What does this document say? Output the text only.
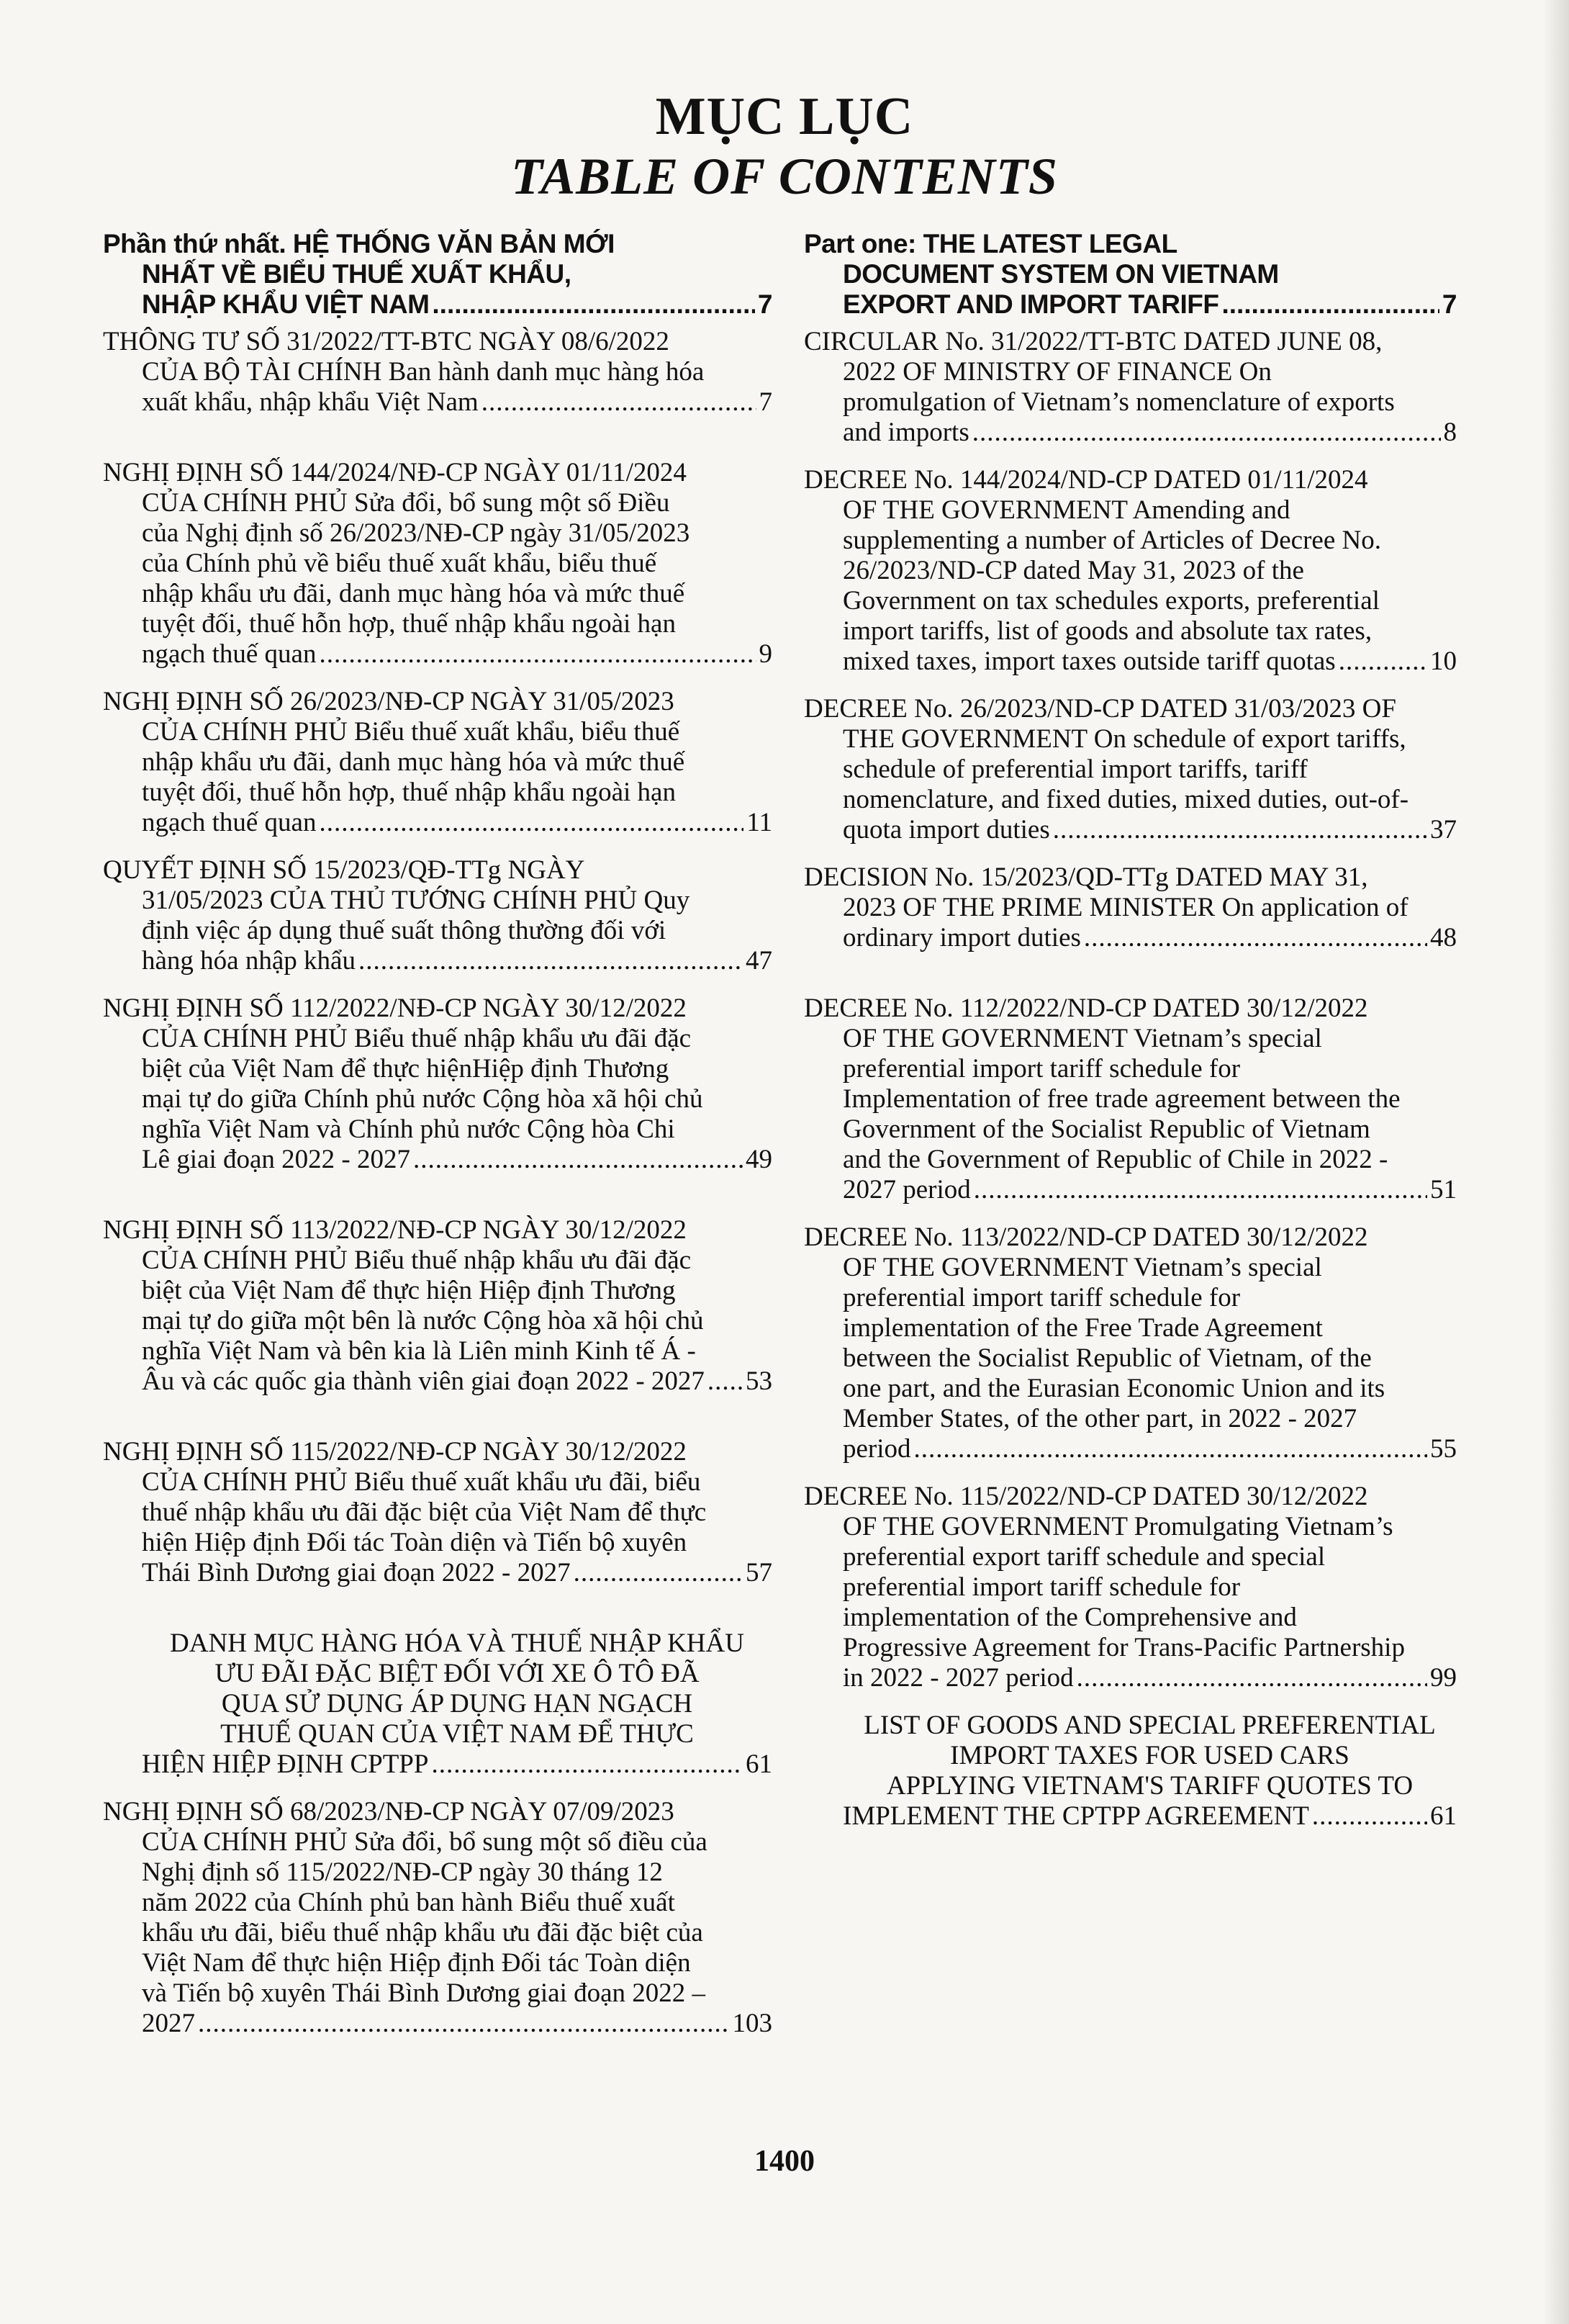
MỤC LỤC
TABLE OF CONTENTS
Phần thứ nhất. HỆ THỐNG VĂN BẢN MỚI
NHẤT VỀ BIỂU THUẾ XUẤT KHẨU,
NHẬP KHẨU VIỆT NAM .....	7
THÔNG TƯ SỐ 31/2022/TT-BTC NGÀY 08/6/2022
CỦA BỘ TÀI CHÍNH Ban hành danh mục hàng hóa
xuất khẩu, nhập khẩu Việt Nam .....	7
NGHỊ ĐỊNH SỐ 144/2024/NĐ-CP NGÀY 01/11/2024
CỦA CHÍNH PHỦ Sửa đổi, bổ sung một số Điều
của Nghị định số 26/2023/NĐ-CP ngày 31/05/2023
của Chính phủ về biểu thuế xuất khẩu, biểu thuế
nhập khẩu ưu đãi, danh mục hàng hóa và mức thuế
tuyệt đối, thuế hỗn hợp, thuế nhập khẩu ngoài hạn
ngạch thuế quan .....	9
NGHỊ ĐỊNH SỐ 26/2023/NĐ-CP NGÀY 31/05/2023
CỦA CHÍNH PHỦ Biểu thuế xuất khẩu, biểu thuế
nhập khẩu ưu đãi, danh mục hàng hóa và mức thuế
tuyệt đối, thuế hỗn hợp, thuế nhập khẩu ngoài hạn
ngạch thuế quan .....	11
QUYẾT ĐỊNH SỐ 15/2023/QĐ-TTg NGÀY
31/05/2023 CỦA THỦ TƯỚNG CHÍNH PHỦ Quy
định việc áp dụng thuế suất thông thường đối với
hàng hóa nhập khẩu .....	47
NGHỊ ĐỊNH SỐ 112/2022/NĐ-CP NGÀY 30/12/2022
CỦA CHÍNH PHỦ Biểu thuế nhập khẩu ưu đãi đặc
biệt của Việt Nam để thực hiệnHiệp định Thương
mại tự do giữa Chính phủ nước Cộng hòa xã hội chủ
nghĩa Việt Nam và Chính phủ nước Cộng hòa Chi
Lê giai đoạn 2022 - 2027 .....	49
NGHỊ ĐỊNH SỐ 113/2022/NĐ-CP NGÀY 30/12/2022
CỦA CHÍNH PHỦ Biểu thuế nhập khẩu ưu đãi đặc
biệt của Việt Nam để thực hiện Hiệp định Thương
mại tự do giữa một bên là nước Cộng hòa xã hội chủ
nghĩa Việt Nam và bên kia là Liên minh Kinh tế Á -
Âu và các quốc gia thành viên giai đoạn 2022 - 2027 ..... 53
NGHỊ ĐỊNH SỐ 115/2022/NĐ-CP NGÀY 30/12/2022
CỦA CHÍNH PHỦ Biểu thuế xuất khẩu ưu đãi, biểu
thuế nhập khẩu ưu đãi đặc biệt của Việt Nam để thực
hiện Hiệp định Đối tác Toàn diện và Tiến bộ xuyên
Thái Bình Dương giai đoạn 2022 - 2027 .....	57
DANH MỤC HÀNG HÓA VÀ THUẾ NHẬP KHẨU
ƯU ĐÃI ĐẶC BIỆT ĐỐI VỚI XE Ô TÔ ĐÃ
QUA SỬ DỤNG ÁP DỤNG HẠN NGẠCH
THUẾ QUAN CỦA VIỆT NAM ĐỂ THỰC
HIỆN HIỆP ĐỊNH CPTPP .....	61
NGHỊ ĐỊNH SỐ 68/2023/NĐ-CP NGÀY 07/09/2023
CỦA CHÍNH PHỦ Sửa đổi, bổ sung một số điều của
Nghị định số 115/2022/NĐ-CP ngày 30 tháng 12
năm 2022 của Chính phủ ban hành Biểu thuế xuất
khẩu ưu đãi, biểu thuế nhập khẩu ưu đãi đặc biệt của
Việt Nam để thực hiện Hiệp định Đối tác Toàn diện
và Tiến bộ xuyên Thái Bình Dương giai đoạn 2022 –
2027 .....	103
Part one: THE LATEST LEGAL
DOCUMENT SYSTEM ON VIETNAM
EXPORT AND IMPORT TARIFF .....	7
CIRCULAR No. 31/2022/TT-BTC DATED JUNE 08,
2022 OF MINISTRY OF FINANCE On
promulgation of Vietnam’s nomenclature of exports
and imports .....	8
DECREE No. 144/2024/ND-CP DATED 01/11/2024
OF THE GOVERNMENT Amending and
supplementing a number of Articles of Decree No.
26/2023/ND-CP dated May 31, 2023 of the
Government on tax schedules exports, preferential
import tariffs, list of goods and absolute tax rates,
mixed taxes, import taxes outside tariff quotas .....	10
DECREE No. 26/2023/ND-CP DATED 31/03/2023 OF
THE GOVERNMENT On schedule of export tariffs,
schedule of preferential import tariffs, tariff
nomenclature, and fixed duties, mixed duties, out-of-
quota import duties .....	37
DECISION No. 15/2023/QD-TTg DATED MAY 31,
2023 OF THE PRIME MINISTER On application of
ordinary import duties .....	48
DECREE No. 112/2022/ND-CP DATED 30/12/2022
OF THE GOVERNMENT Vietnam’s special
preferential import tariff schedule for
Implementation of free trade agreement between the
Government of the Socialist Republic of Vietnam
and the Government of Republic of Chile in 2022 -
2027 period .....	51
DECREE No. 113/2022/ND-CP DATED 30/12/2022
OF THE GOVERNMENT Vietnam’s special
preferential import tariff schedule for
implementation of the Free Trade Agreement
between the Socialist Republic of Vietnam, of the
one part, and the Eurasian Economic Union and its
Member States, of the other part, in 2022 - 2027
period .....	55
DECREE No. 115/2022/ND-CP DATED 30/12/2022
OF THE GOVERNMENT Promulgating Vietnam’s
preferential export tariff schedule and special
preferential import tariff schedule for
implementation of the Comprehensive and
Progressive Agreement for Trans-Pacific Partnership
in 2022 - 2027 period .....	99
LIST OF GOODS AND SPECIAL PREFERENTIAL
IMPORT TAXES FOR USED CARS
APPLYING VIETNAM'S TARIFF QUOTES TO
IMPLEMENT THE CPTPP AGREEMENT .....	61
1400
